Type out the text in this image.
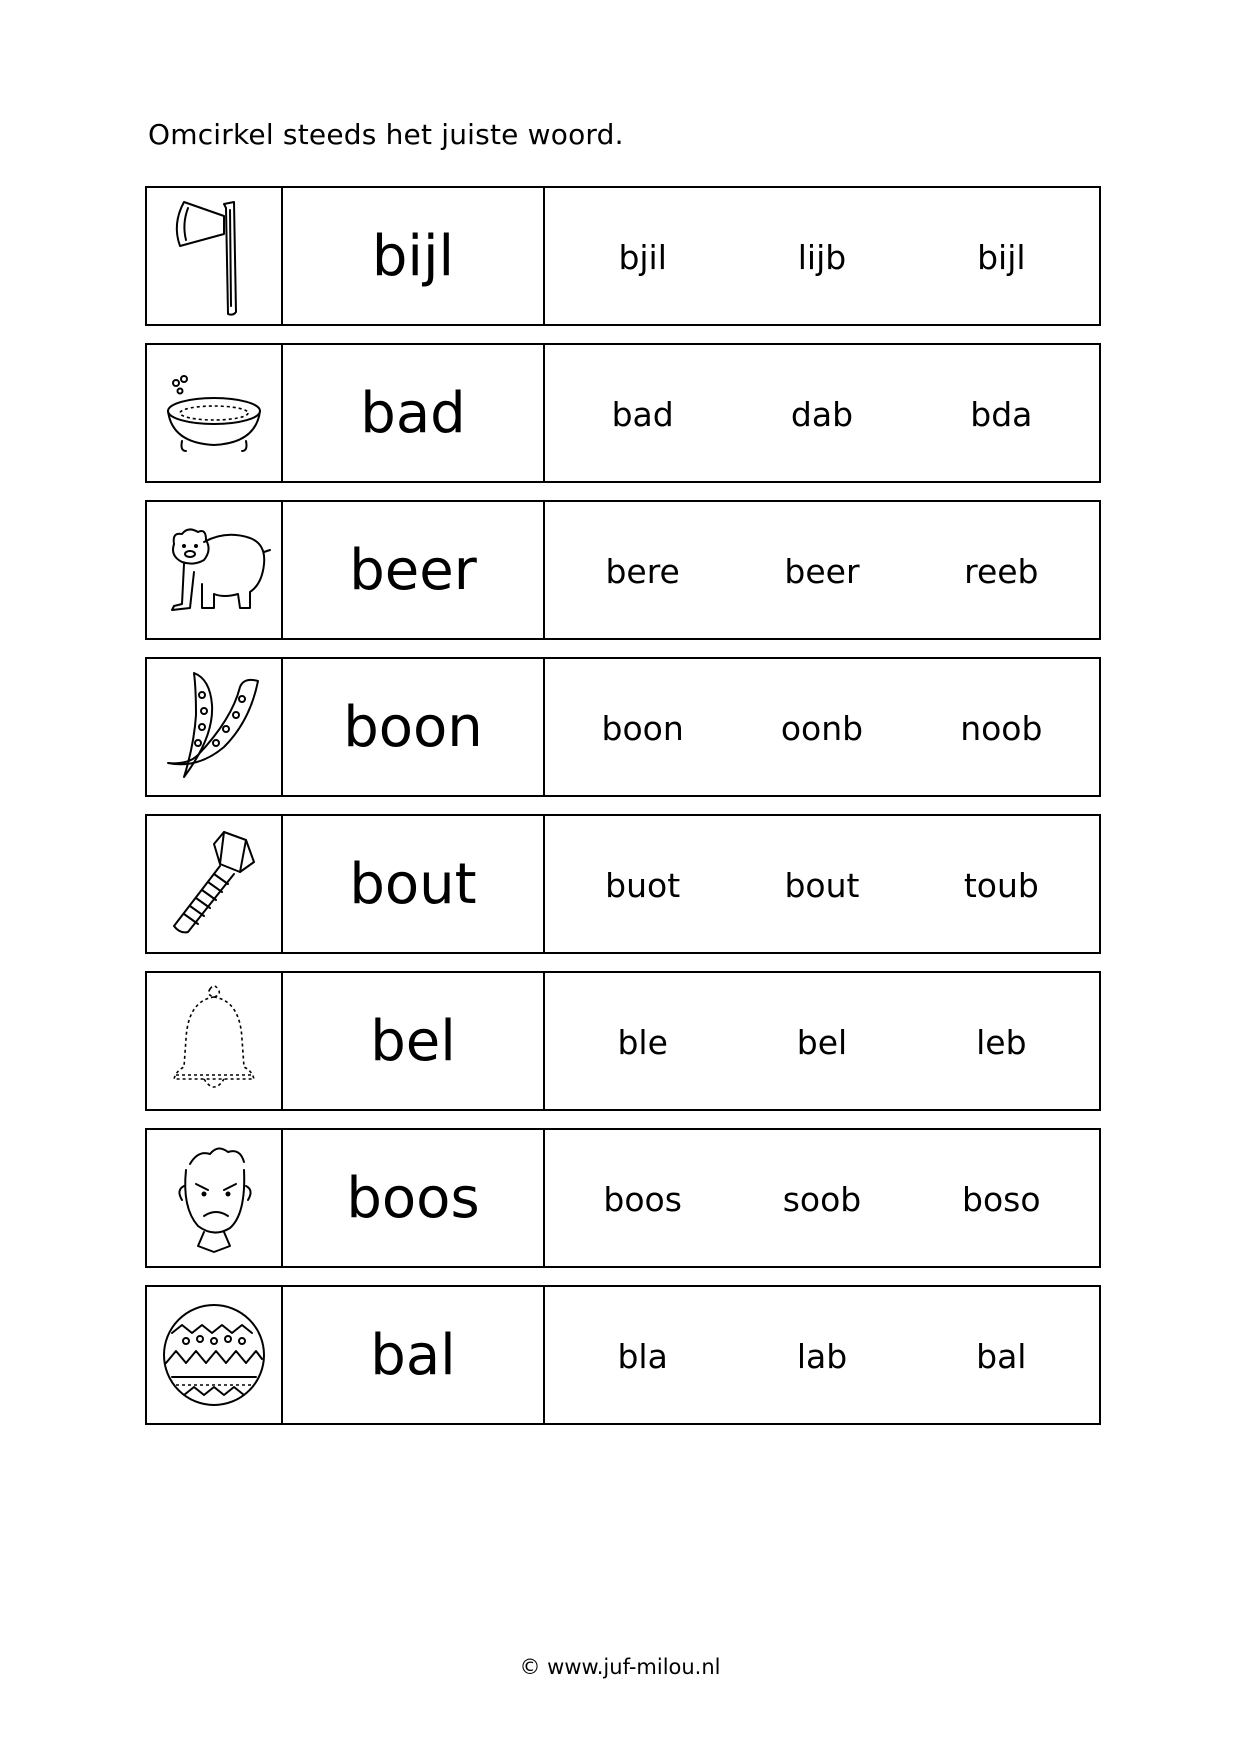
Omcirkel steeds het juiste woord.
bijl	bjil	lijb	bijl
bad	bad	dab	bda
beer	bere	beer	reeb
boon	boon	oonb	noob
bout	buot	bout	toub
bel	ble	bel	leb
boos	boos	soob	boso
bal	bla	lab	bal
© www.juf-milou.nl
